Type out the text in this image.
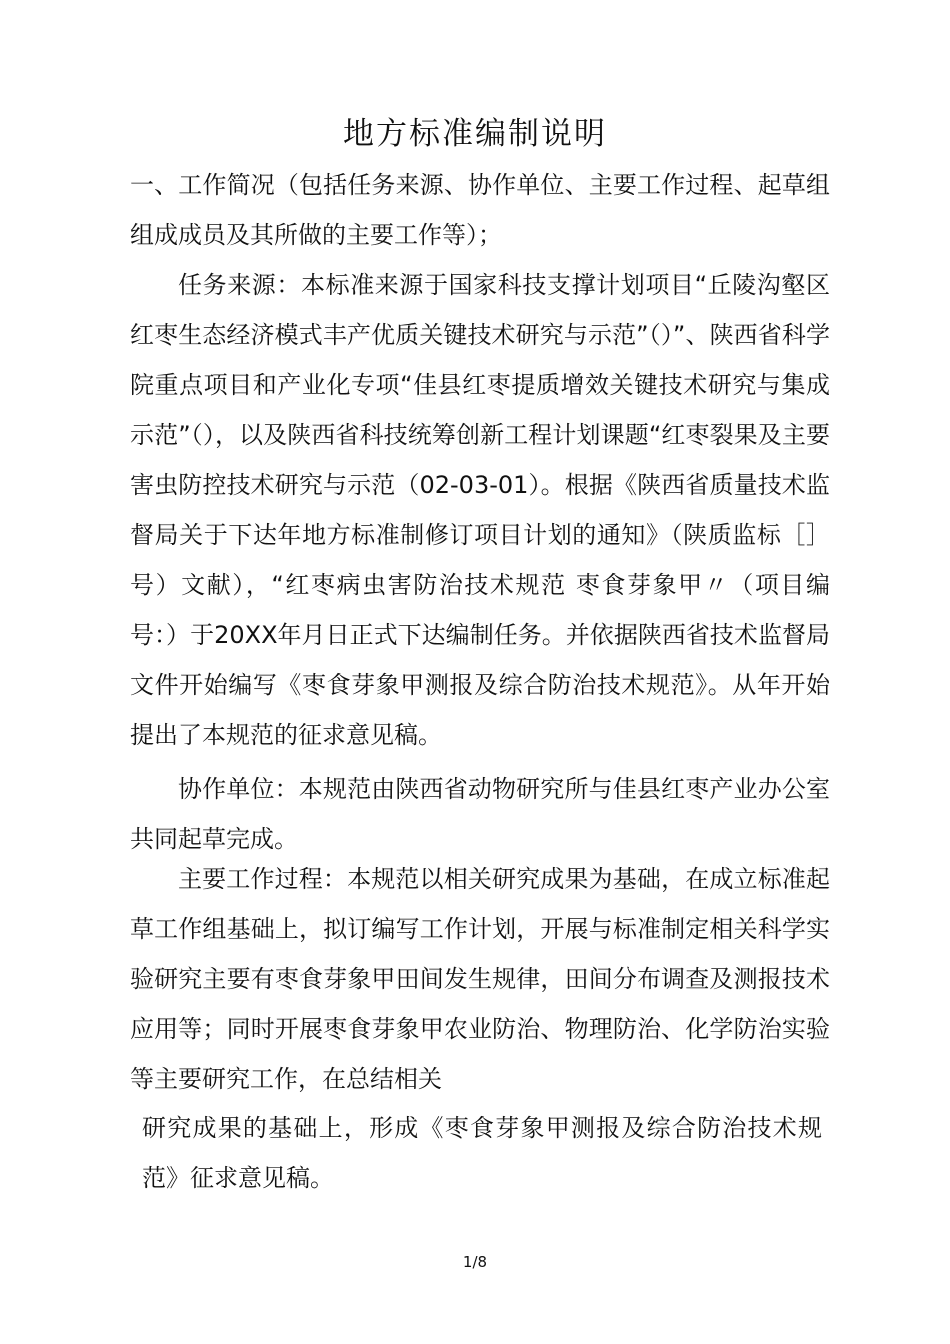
地方标准编制说明

一、工作简况（包括任务来源、协作单位、主要工作过程、起草组组成成员及其所做的主要工作等）；

任务来源：本标准来源于国家科技支撑计划项目“丘陵沟壑区红枣生态经济模式丰产优质关键技术研究与示范”（）”、陕西省科学院重点项目和产业化专项“佳县红枣提质增效关键技术研究与集成示范”（），以及陕西省科技统筹创新工程计划课题“红枣裂果及主要害虫防控技术研究与示范（02-03-01）。根据《陕西省质量技术监督局关于下达年地方标准制修订项目计划的通知》（陕质监标［］号）文献），“红枣病虫害防治技术规范 枣食芽象甲〃（项目编号：）于20XX年月日正式下达编制任务。并依据陕西省技术监督局文件开始编写《枣食芽象甲测报及综合防治技术规范》。从年开始提出了本规范的征求意见稿。

协作单位：本规范由陕西省动物研究所与佳县红枣产业办公室共同起草完成。

主要工作过程：本规范以相关研究成果为基础，在成立标准起草工作组基础上，拟订编写工作计划，开展与标准制定相关科学实验研究主要有枣食芽象甲田间发生规律，田间分布调查及测报技术应用等；同时开展枣食芽象甲农业防治、物理防治、化学防治实验等主要研究工作，在总结相关

研究成果的基础上，形成《枣食芽象甲测报及综合防治技术规范》征求意见稿。

1/8
